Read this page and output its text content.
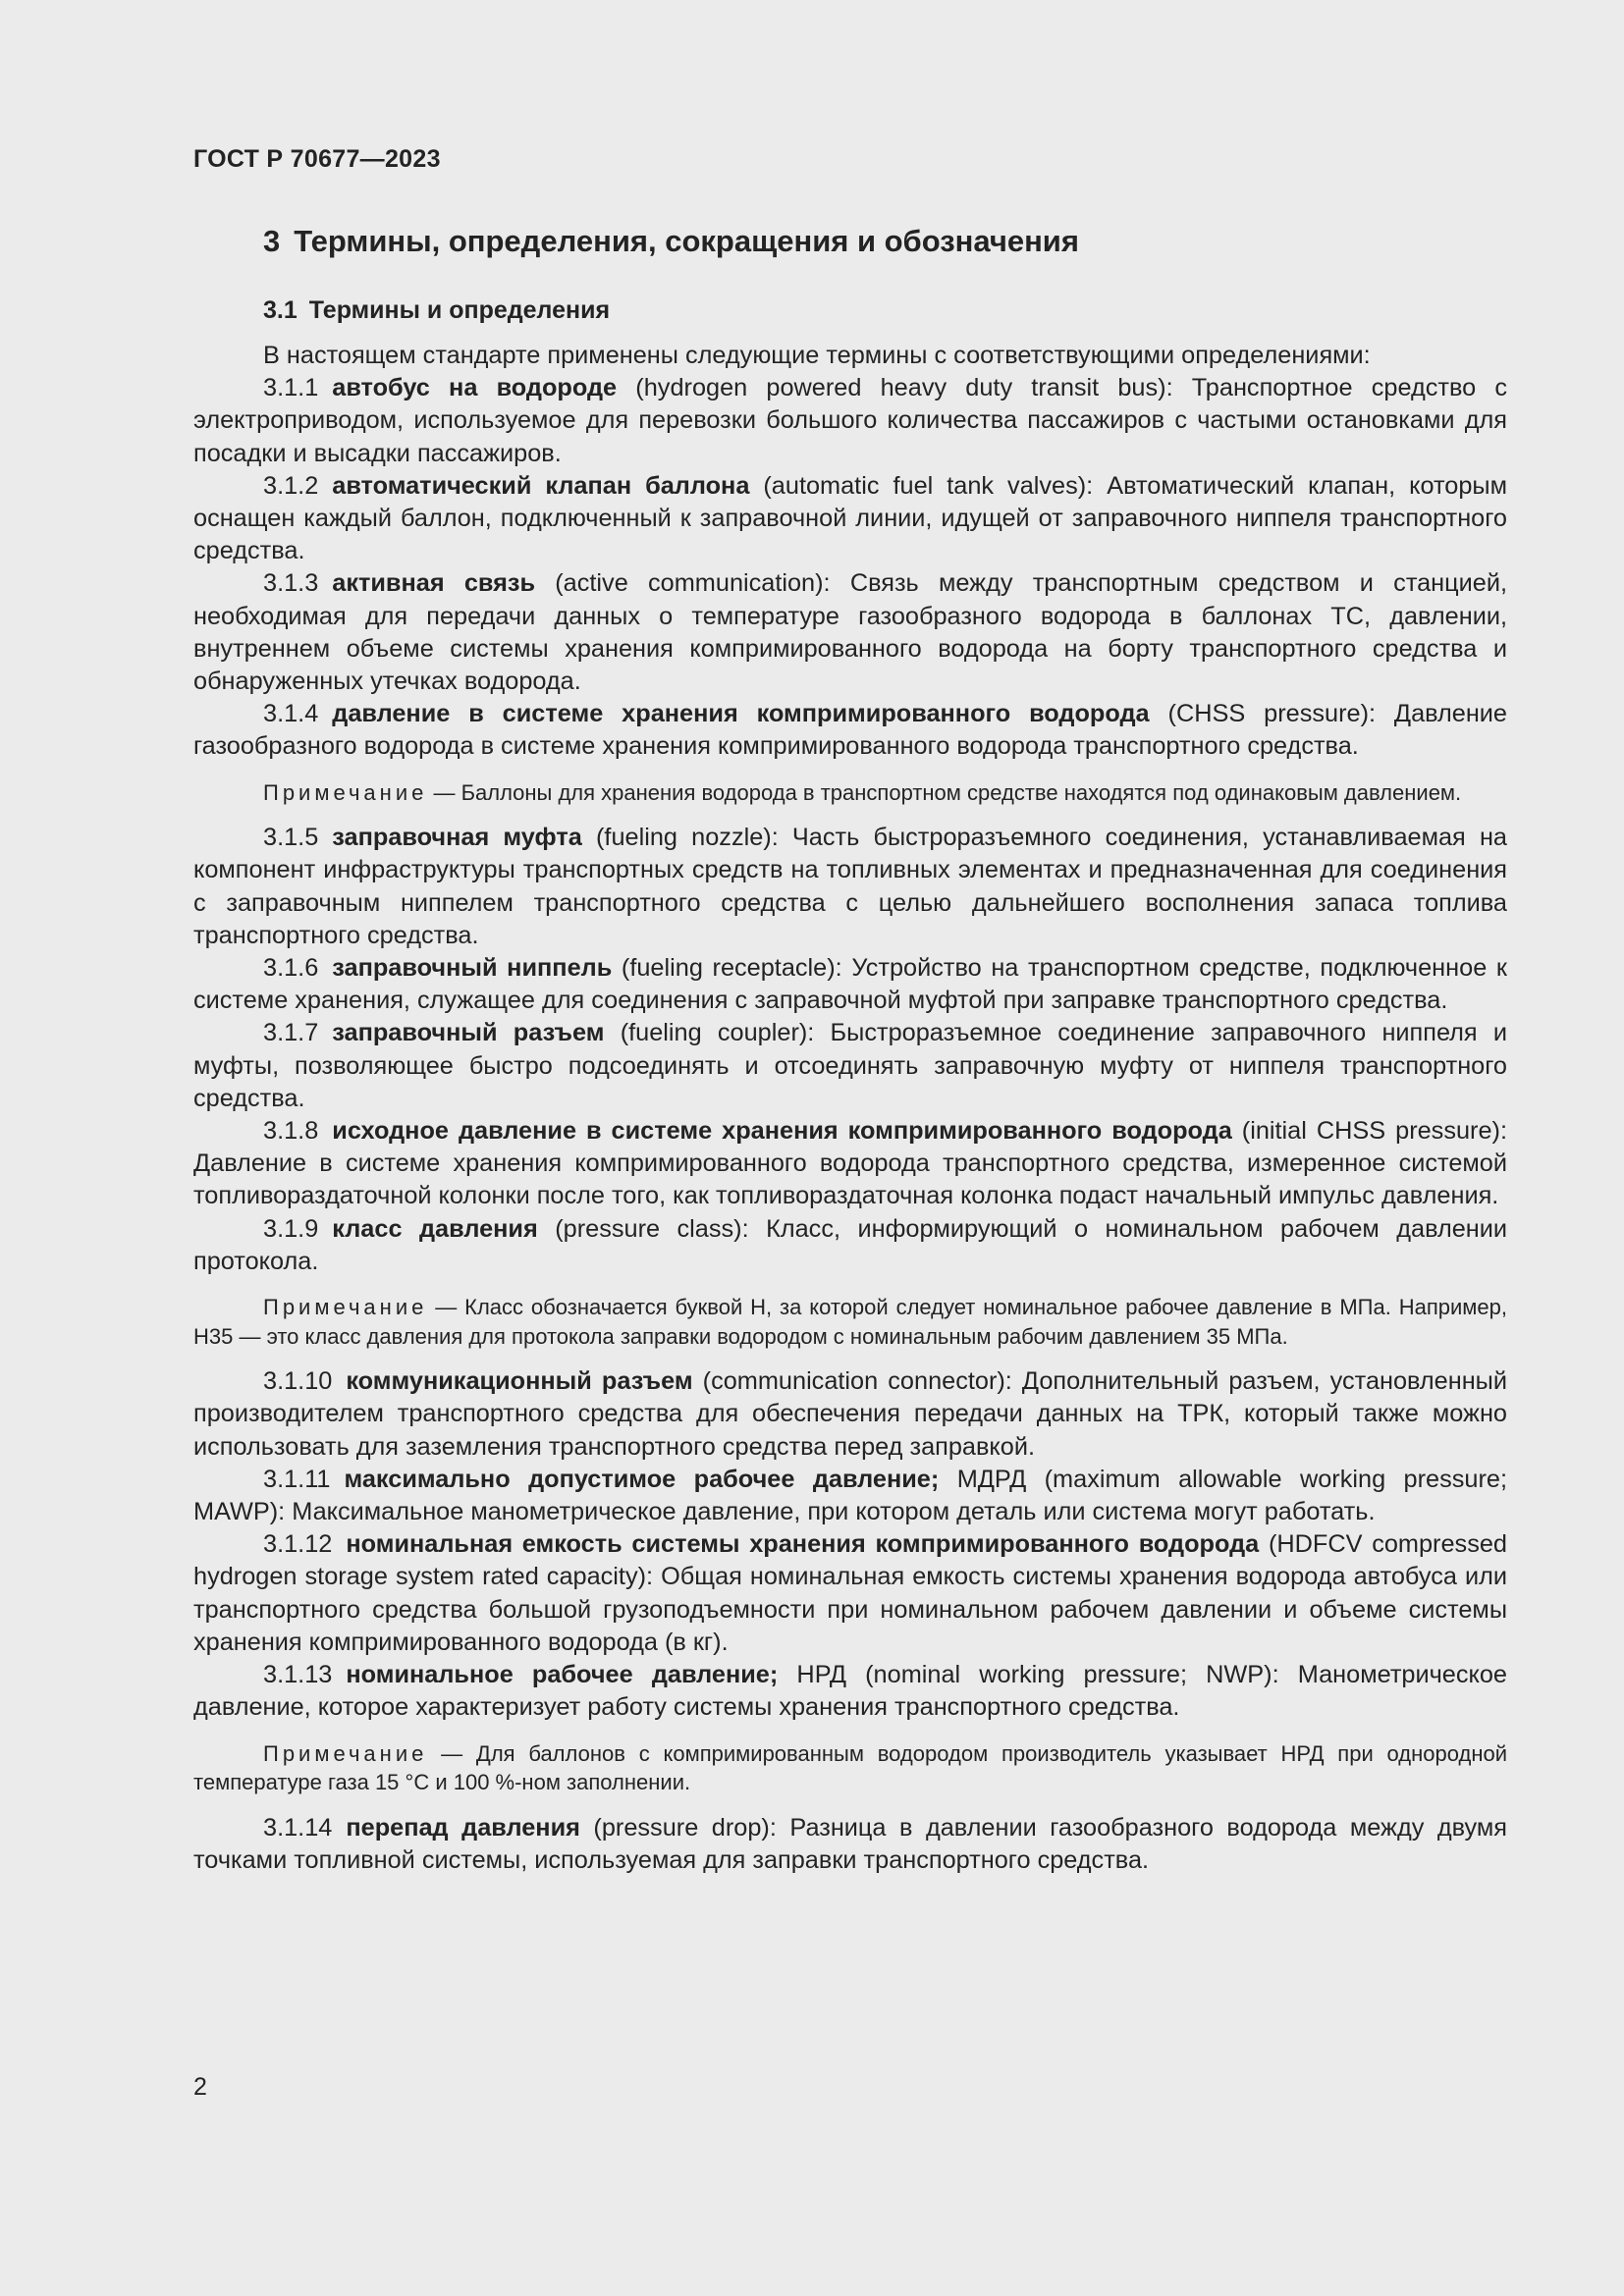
ГОСТ Р 70677—2023
3 Термины, определения, сокращения и обозначения
3.1 Термины и определения

В настоящем стандарте применены следующие термины с соответствующими определениями:

3.1.1 автобус на водороде (hydrogen powered heavy duty transit bus): Транспортное средство с электроприводом, используемое для перевозки большого количества пассажиров с частыми остановками для посадки и высадки пассажиров.

3.1.2 автоматический клапан баллона (automatic fuel tank valves): Автоматический клапан, которым оснащен каждый баллон, подключенный к заправочной линии, идущей от заправочного ниппеля транспортного средства.

3.1.3 активная связь (active communication): Связь между транспортным средством и станцией, необходимая для передачи данных о температуре газообразного водорода в баллонах ТС, давлении, внутреннем объеме системы хранения компримированного водорода на борту транспортного средства и обнаруженных утечках водорода.

3.1.4 давление в системе хранения компримированного водорода (CHSS pressure): Давление газообразного водорода в системе хранения компримированного водорода транспортного средства.

Примечание — Баллоны для хранения водорода в транспортном средстве находятся под одинаковым давлением.

3.1.5 заправочная муфта (fueling nozzle): Часть быстроразъемного соединения, устанавливаемая на компонент инфраструктуры транспортных средств на топливных элементах и предназначенная для соединения с заправочным ниппелем транспортного средства с целью дальнейшего восполнения запаса топлива транспортного средства.

3.1.6 заправочный ниппель (fueling receptacle): Устройство на транспортном средстве, подключенное к системе хранения, служащее для соединения с заправочной муфтой при заправке транспортного средства.

3.1.7 заправочный разъем (fueling coupler): Быстроразъемное соединение заправочного ниппеля и муфты, позволяющее быстро подсоединять и отсоединять заправочную муфту от ниппеля транспортного средства.

3.1.8 исходное давление в системе хранения компримированного водорода (initial CHSS pressure): Давление в системе хранения компримированного водорода транспортного средства, измеренное системой топливораздаточной колонки после того, как топливораздаточная колонка подаст начальный импульс давления.

3.1.9 класс давления (pressure class): Класс, информирующий о номинальном рабочем давлении протокола.

Примечание — Класс обозначается буквой Н, за которой следует номинальное рабочее давление в МПа. Например, Н35 — это класс давления для протокола заправки водородом с номинальным рабочим давлением 35 МПа.

3.1.10 коммуникационный разъем (communication connector): Дополнительный разъем, установленный производителем транспортного средства для обеспечения передачи данных на ТРК, который также можно использовать для заземления транспортного средства перед заправкой.

3.1.11 максимально допустимое рабочее давление; МДРД (maximum allowable working pressure; MAWP): Максимальное манометрическое давление, при котором деталь или система могут работать.

3.1.12 номинальная емкость системы хранения компримированного водорода (HDFCV compressed hydrogen storage system rated capacity): Общая номинальная емкость системы хранения водорода автобуса или транспортного средства большой грузоподъемности при номинальном рабочем давлении и объеме системы хранения компримированного водорода (в кг).

3.1.13 номинальное рабочее давление; НРД (nominal working pressure; NWP): Манометрическое давление, которое характеризует работу системы хранения транспортного средства.

Примечание — Для баллонов с компримированным водородом производитель указывает НРД при однородной температуре газа 15 °С и 100 %-ном заполнении.

3.1.14 перепад давления (pressure drop): Разница в давлении газообразного водорода между двумя точками топливной системы, используемая для заправки транспортного средства.

2
